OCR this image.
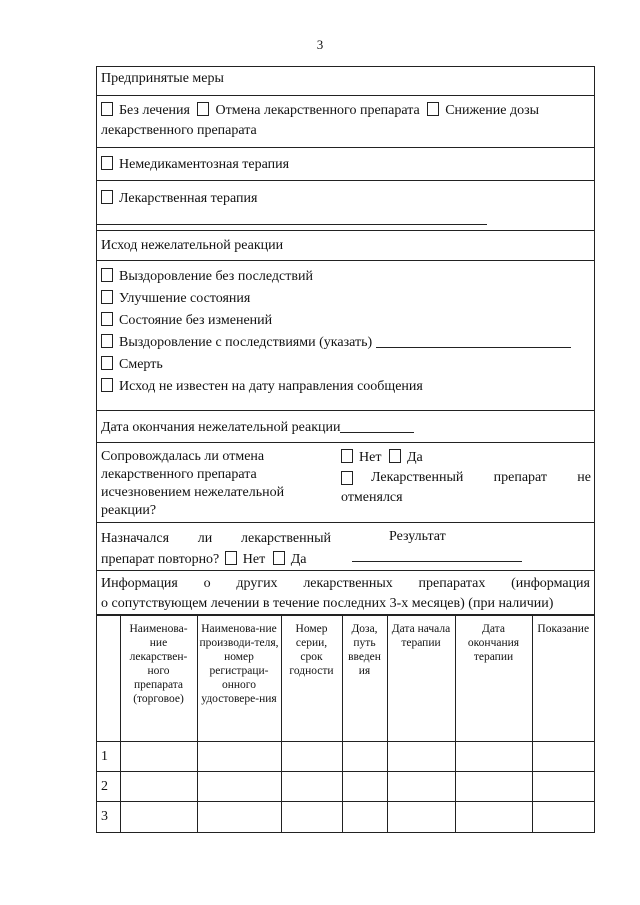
3
Предпринятые меры
Без лечения Отмена лекарственного препарата Снижение дозы
лекарственного препарата
Немедикаментозная терапия
Лекарственная терапия
Исход нежелательной реакции
Выздоровление без последствий
Улучшение состояния
Состояние без изменений
Выздоровление с последствиями (указать)
Смерть
Исход не известен на дату направления сообщения
Дата окончания нежелательной реакции
Сопровождалась ли отмена
лекарственного препарата
исчезновением нежелательной
реакции?
Нет Да
Лекарственный препарат не
отменялся
Назначался ли лекарственный
препарат повторно? Нет Да
Результат
Информация о других лекарственных препаратах (информация
о сопутствующем лечении в течение последних 3-х месяцев) (при наличии)
	Наименова-ние лекарствен-ного препарата (торговое)	Наименова-ние производи-теля, номер регистраци-онного удостовере-ния	Номер серии, срок годности	Доза, путь введен ия	Дата начала терапии	Дата окончания терапии	Показание
1							
2							
3							
